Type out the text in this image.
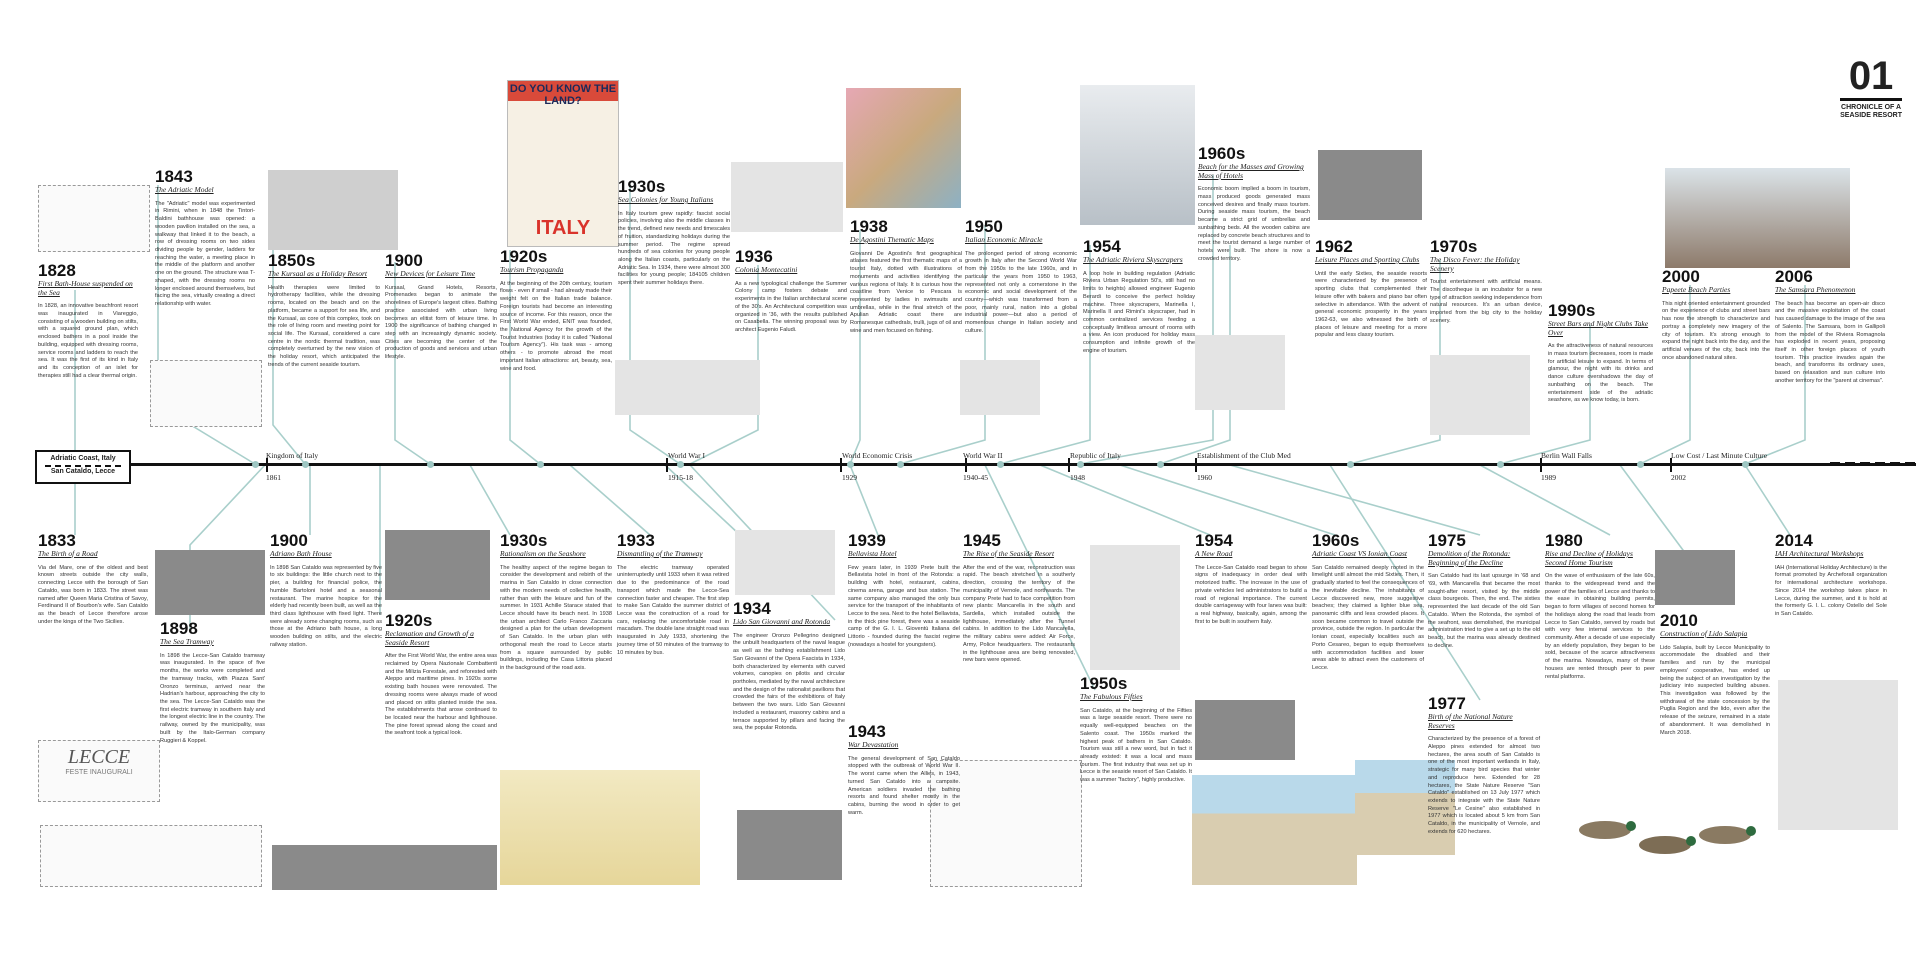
Kingdom of Italy
1861
World War I
1915-18
World Economic Crisis
1929
World War II
1940-45
Republic of Italy
1948
Establishment of the Club Med
1960
Berlin Wall Falls
1989
Low Cost / Last Minute Culture
2002
Adriatic Coast, Italy
San Cataldo, Lecce
01
CHRONICLE OF A
SEASIDE RESORT
DO YOU KNOW THE LAND?
ITALY
LECCE
FESTE INAUGURALI
1828
First Bath-House suspended on the Sea
In 1828, an innovative beachfront resort was inaugurated in Viareggio, consisting of a wooden building on stilts, with a squared ground plan, which enclosed bathers in a pool inside the building, equipped with dressing rooms, service rooms and ladders to reach the sea. It was the first of its kind in Italy and its conception of an islet for therapies still had a clear thermal origin.
1843
The Adriatic Model
The "Adriatic" model was experimented in Rimini, when in 1848 the Tintori-Baldini bathhouse was opened: a wooden pavilion installed on the sea, a walkway that linked it to the beach, a row of dressing rooms on two sides dividing people by gender, ladders for reaching the water, a meeting place in the middle of the platform and another one on the ground. The structure was T-shaped, with the dressing rooms no longer enclosed around themselves, but facing the sea, virtually creating a direct relationship with water.
1850s
The Kursaal as a Holiday Resort
Health therapies were limited to hydrotherapy facilities, while the dressing rooms, located on the beach and on the platform, became a support for sea life, and the Kursaal, as core of this complex, took on the role of living room and meeting point for social life. The Kursaal, considered a care centre in the nordic thermal tradition, was completely overturned by the new vision of the holiday resort, which anticipated the trends of the current seaside tourism.
1900
New Devices for Leisure Time
Kursaal, Grand Hotels, Resorts, Promenades began to animate the shorelines of Europe's largest cities. Bathing practice associated with urban living becomes an elitist form of leisure time. In 1900 the significance of bathing changed in step with an increasingly dynamic society. Cities are becoming the center of the production of goods and services and urban lifestyle.
1920s
Tourism Propaganda
At the beginning of the 20th century, tourism flows - even if small - had already made their weight felt on the Italian trade balance. Foreign tourists had become an interesting source of income. For this reason, once the First World War ended, ENIT was founded, the National Agency for the growth of the Tourist Industries (today it is called "National Tourism Agency"). His task was - among others - to promote abroad the most important Italian attractions: art, beauty, sea, wine and food.
1930s
Sea Colonies for Young Italians
In Italy tourism grew rapidly: fascist social policies, involving also the middle classes in the trend, defined new needs and timescales of fruition, standardizing holidays during the summer period. The regime spread hundreds of sea colonies for young people along the Italian coasts, particularly on the Adriatic Sea. In 1934, there were almost 300 facilities for young people; 184105 children spent their summer holidays there.
1936
Colonia Montecatini
As a new typological challenge the Summer Colony camp fosters debate and experiments in the Italian architectural scene of the 30's. An Architectural competition was organized in '36, with the results published on Casabella. The winning proposal was by architect Eugenio Faludi.
1938
De Agostini Thematic Maps
Giovanni De Agostini's first geographical atlases featured the first thematic maps of a tourist Italy, dotted with illustrations of monuments and activities identifying the various regions of Italy. It is curious how the coastline from Venice to Pescara is represented by ladies in swimsuits and umbrellas, while in the final stretch of the Apulian Adriatic coast there are Romanesque cathedrals, trulli, jugs of oil and wine and men focused on fishing.
1950
Italian Economic Miracle
The prolonged period of strong economic growth in Italy after the Second World War from the 1950s to the late 1960s, and in particular the years from 1950 to 1963, represented not only a cornerstone in the economic and social development of the country—which was transformed from a poor, mainly rural, nation into a global industrial power—but also a period of momentous change in Italian society and culture.
1954
The Adriatic Riviera Skyscrapers
A loop hole in building regulation (Adriatic Riviera Urban Regulation 50's, still had no limits to heights) allowed engineer Eugenio Berardi to conceive the perfect holiday machine. Three skyscrapers, Marinella I, Marinella II and Rimini's skyscraper, had in common centralized services feeding a conceptually limitless amount of rooms with a view. An icon produced for holiday mass consumption and infinite growth of the engine of tourism.
1960s
Beach for the Masses and Growing Mass of Hotels
Economic boom implied a boom in tourism, mass produced goods generated mass conceived desires and finally mass tourism. During seaside mass tourism, the beach became a strict grid of umbrellas and sunbathing beds. All the wooden cabins are replaced by concrete beach structures and to meet the tourist demand a large number of hotels were built. The shore is now a crowded territory.
1962
Leisure Places and Sporting Clubs
Until the early Sixties, the seaside resorts were characterized by the presence of sporting clubs that complemented their leisure offer with bakers and piano bar often selective in attendance. With the advent of general economic prosperity in the years 1962-63, we also witnessed the birth of places of leisure and meeting for a more popular and less classy tourism.
1970s
The Disco Fever: the Holiday Scenery
Tourist entertainment with artificial means. The discotheque is an incubator for a new type of attraction seeking independence from natural resources. It's an urban device, imported from the big city to the holiday scenery.
1990s
Street Bars and Night Clubs Take Over
As the attractiveness of natural resources in mass tourism decreases, room is made for artificial leisure to expand. In terms of glamour, the night with its drinks and dance culture overshadows the day of sunbathing on the beach. The entertainment side of the adriatic seashore, as we know today, is born.
2000
Papeete Beach Parties
This night oriented entertainment grounded on the experience of clubs and street bars has now the strength to characterize and portray a completely new imagery of the city of tourism. It's strong enough to expand the night back into the day, and the artificial venues of the city, back into the once abandoned natural sites.
2006
The Samsara Phenomenon
The beach has become an open-air disco and the massive exploitation of the coast has caused damage to the image of the sea of Salento. The Samsara, born in Gallipoli from the model of the Riviera Romagnola has exploded in recent years, proposing itself in other foreign places of youth tourism. This practice invades again the beach, and transforms its ordinary uses, based on relaxation and sun culture into another territory for the "parent at cinemas".
1833
The Birth of a Road
Via del Mare, one of the oldest and best known streets outside the city walls, connecting Lecce with the borough of San Cataldo, was born in 1833. The street was named after Queen Maria Cristina of Savoy, Ferdinand II of Bourbon's wife. San Cataldo as the beach of Lecce therefore arose under the kings of the Two Sicilies.	1898
The Sea Tramway
In 1898 the Lecce-San Cataldo tramway was inaugurated. In the space of five months, the works were completed and the tramway tracks, with Piazza Sant' Oronzo terminus, arrived near the Hadrian's harbour, approaching the city to the sea. The Lecce-San Cataldo was the first electric tramway in southern Italy and the longest electric line in the country. The railway, owned by the municipality, was built by the Italo-German company Ruggieri & Koppel.
1900
Adriano Bath House
In 1898 San Cataldo was represented by five to six buildings: the little church next to the pier, a building for financial police, the humble Bartoloni hotel and a seasonal restaurant. The marine hospice for the elderly had recently been built, as well as the third class lighthouse with fixed light. There were already some changing rooms, such as those at the Adriano bath house, a long wooden building on stilts, and the electric railway station.
1920s
Reclamation and Growth of a Seaside Resort
After the First World War, the entire area was reclaimed by Opera Nazionale Combattenti and the Milizia Forestale, and reforested with Aleppo and maritime pines. In 1920s some existing bath houses were renovated. The dressing rooms were always made of wood and placed on stilts planted inside the sea. The establishments that arose continued to be located near the harbour and lighthouse. The pine forest spread along the coast and the seafront took a typical look.
1930s
Rationalism on the Seashore
The healthy aspect of the regime began to consider the development and rebirth of the marina in San Cataldo in close connection with the modern needs of collective health, rather than with the leisure and fun of the summer. In 1931 Achille Starace stated that Lecce should have its beach next. In 1938 the urban architect Carlo Franco Zaccaria designed a plan for the urban development of San Cataldo. In the urban plan with orthogonal mesh the road to Lecce starts from a square surrounded by public buildings, including the Casa Littoria placed in the background of the road axis.
1933
Dismantling of the Tramway
The electric tramway operated uninterruptedly until 1933 when it was retired due to the predominance of the road transport which made the Lecce-Sea connection faster and cheaper. The first step to make San Cataldo the summer district of Lecce was the construction of a road for cars, replacing the uncomfortable road in macadam. The double lane straight road was inaugurated in July 1933, shortening the journey time of 50 minutes of the tramway to 10 minutes by bus.
1934
Lido San Giovanni and Rotonda
The engineer Oronzo Pellegrino designed the unbuilt headquarters of the naval league as well as the bathing establishment Lido San Giovanni of the Opera Fascista in 1934, both characterized by elements with curved volumes, canopies on pilotis and circular portholes, mediated by the naval architecture and the design of the rationalist pavilions that crowded the fairs of the exhibitions of Italy between the two wars. Lido San Giovanni included a restaurant, masonry cabins and a terrace supported by pillars and facing the sea, the popular Rotonda.
1939
Bellavista Hotel
Few years later, in 1939 Prete built the Bellavista hotel in front of the Rotonda: a building with hotel, restaurant, cabins, cinema arena, garage and bus station. The same company also managed the only bus service for the transport of the inhabitants of Lecce to the sea. Next to the hotel Bellavista, in the thick pine forest, there was a seaside camp of the G. I. L. Gioventù Italiana del Littorio - founded during the fascist regime (nowadays a hostel for youngsters).
1943
War Devastation
The general development of San Cataldo stopped with the outbreak of World War II. The worst came when the Allies, in 1943, turned San Cataldo into a campsite. American soldiers invaded the bathing resorts and found shelter mostly in the cabins, burning the wood in order to get warm.
1945
The Rise of the Seaside Resort
After the end of the war, reconstruction was rapid. The beach stretched in a southerly direction, crossing the territory of the municipality of Vernole, and northwards. The company Prete had to face competition from new plants: Mancarella in the south and Sardella, which installed outside the lighthouse, immediately after the Tunnel cabins. In addition to the Lido Mancarella, the military cabins were added: Air Force, Army, Police headquarters. The restaurants in the lighthouse area are being renovated, new bars were opened.
1950s
The Fabulous Fifties
San Cataldo, at the beginning of the Fifties was a large seaside resort. There were no equally well-equipped beaches on the Salento coast. The 1950s marked the highest peak of bathers in San Cataldo. Tourism was still a new word, but in fact it already existed: it was a local and mass tourism. The first industry that was set up in Lecce is the seaside resort of San Cataldo. It was a summer "factory", highly productive.
1954
A New Road
The Lecce-San Cataldo road began to show signs of inadequacy in order deal with motorized traffic. The increase in the use of private vehicles led administrators to build a road of regional importance. The current double carriageway with four lanes was built: a real highway, basically, again, among the first to be built in southern Italy.
1960s
Adriatic Coast VS Ionian Coast
San Cataldo remained deeply rooted in the limelight until almost the mid Sixties. Then, it gradually started to feel the consequences of the inevitable decline. The inhabitants of Lecce discovered new, more suggestive beaches; they claimed a lighter blue sea, panoramic cliffs and less crowded places. It soon became common to travel outside the province, outside the region. In particular the Ionian coast, especially localities such as Porto Cesareo, began to equip themselves with accommodation facilities and lower areas able to attract even the customers of Lecce.
1975
Demolition of the Rotonda: Beginning of the Decline
San Cataldo had its last upsurge in '68 and '69, with Mancarella that became the most sought-after resort, visited by the middle class bourgeois. Then, the end. The sixties represented the last decade of the old San Cataldo. When the Rotonda, the symbol of the seafront, was demolished, the municipal administration tried to give a set up to the old beach, but the marina was already destined to decline.
1977
Birth of the National Nature Reserves
Characterized by the presence of a forest of Aleppo pines extended for almost two hectares, the area south of San Cataldo is one of the most important wetlands in Italy, strategic for many bird species that winter and reproduce here. Extended for 28 hectares, the State Nature Reserve "San Cataldo" established on 13 July 1977 which extends to integrate with the State Nature Reserve "Le Cesine" also established in 1977 which is located about 5 km from San Cataldo, in the municipality of Vernole, and extends for 620 hectares.
1980
Rise and Decline of Holidays Second Home Tourism
On the wave of enthusiasm of the late 60s, thanks to the widespread trend and the power of the families of Lecce and thanks to the ease in obtaining building permits, began to form villages of second homes for the holidays along the road that leads from Lecce to San Cataldo, served by roads but with very few internal services to the community. After a decade of use especially by an elderly population, they began to be sold, because of the scarce attractiveness of the marina. Nowadays, many of these houses are rented through peer to peer rental platforms.
2010
Construction of Lido Salapia
Lido Salapia, built by Lecce Municipality to accommodate the disabled and their families and run by the municipal employees' cooperative, has ended up being the subject of an investigation by the judiciary into suspected building abuses. This investigation was followed by the withdrawal of the state concession by the Puglia Region and the lido, even after the release of the seizure, remained in a state of abandonment. It was demolished in March 2018.
2014
IAH Architectural Workshops
IAH (International Holiday Architecture) is the format promoted by Archeforall organization for international architecture workshops. Since 2014 the workshop takes place in Lecce, during the summer, and it is hold at the formerly G. I. L. colony Ostello del Sole in San Cataldo.
